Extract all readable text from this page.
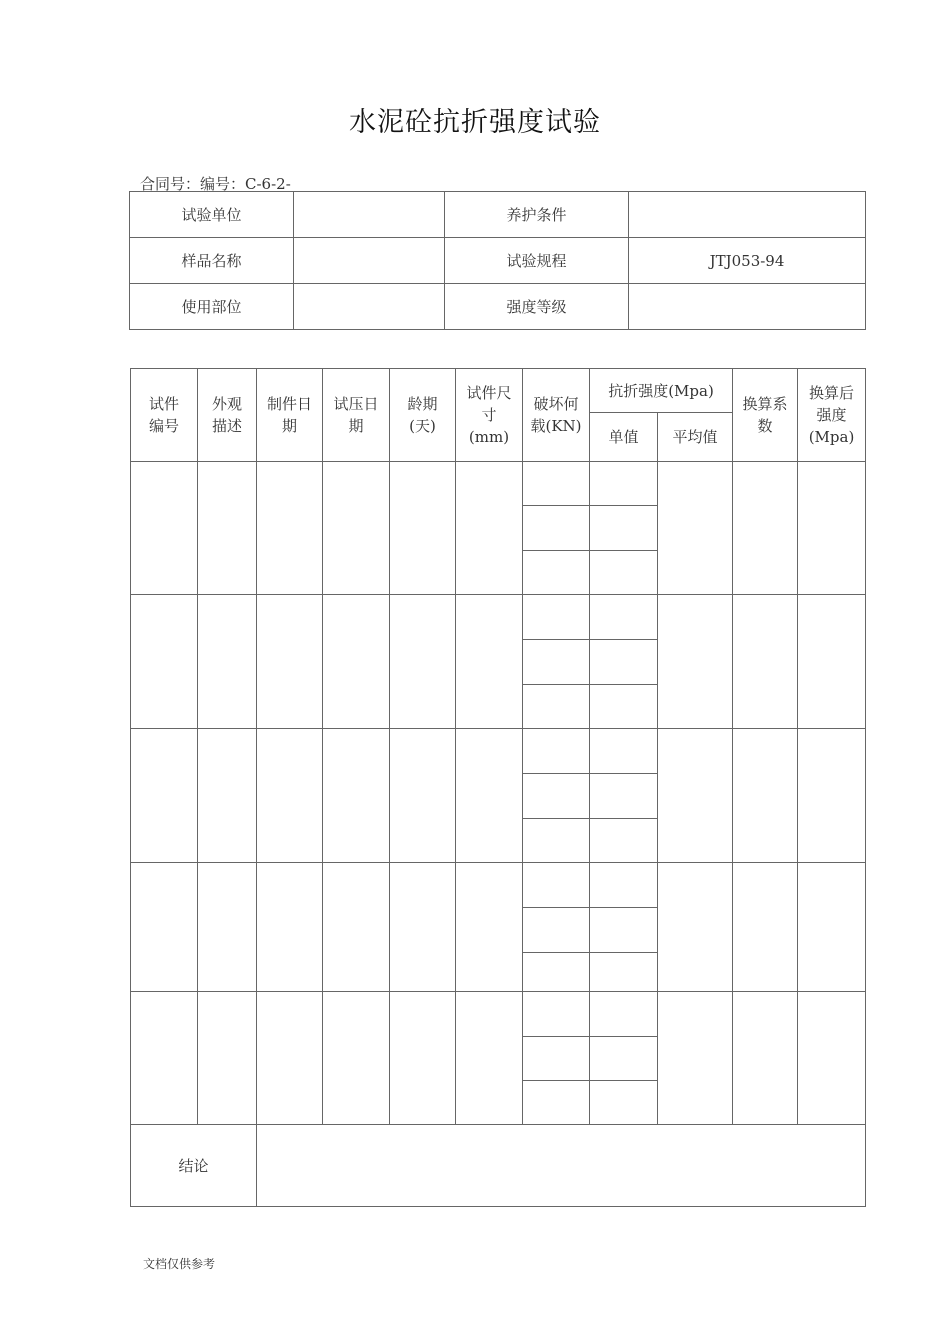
水泥砼抗折强度试验
合同号：编号：C-6-2-
试验单位		养护条件	
样品名称		试验规程	JTJ053-94
使用部位		强度等级	
试件编号	外观描述	制件日期	试压日期	龄期(天)	试件尺寸(mm)	破坏何载(KN)	抗折强度(Mpa)		换算系数	换算后强度(Mpa)
							单值	平均值		

结论										
文档仅供参考
